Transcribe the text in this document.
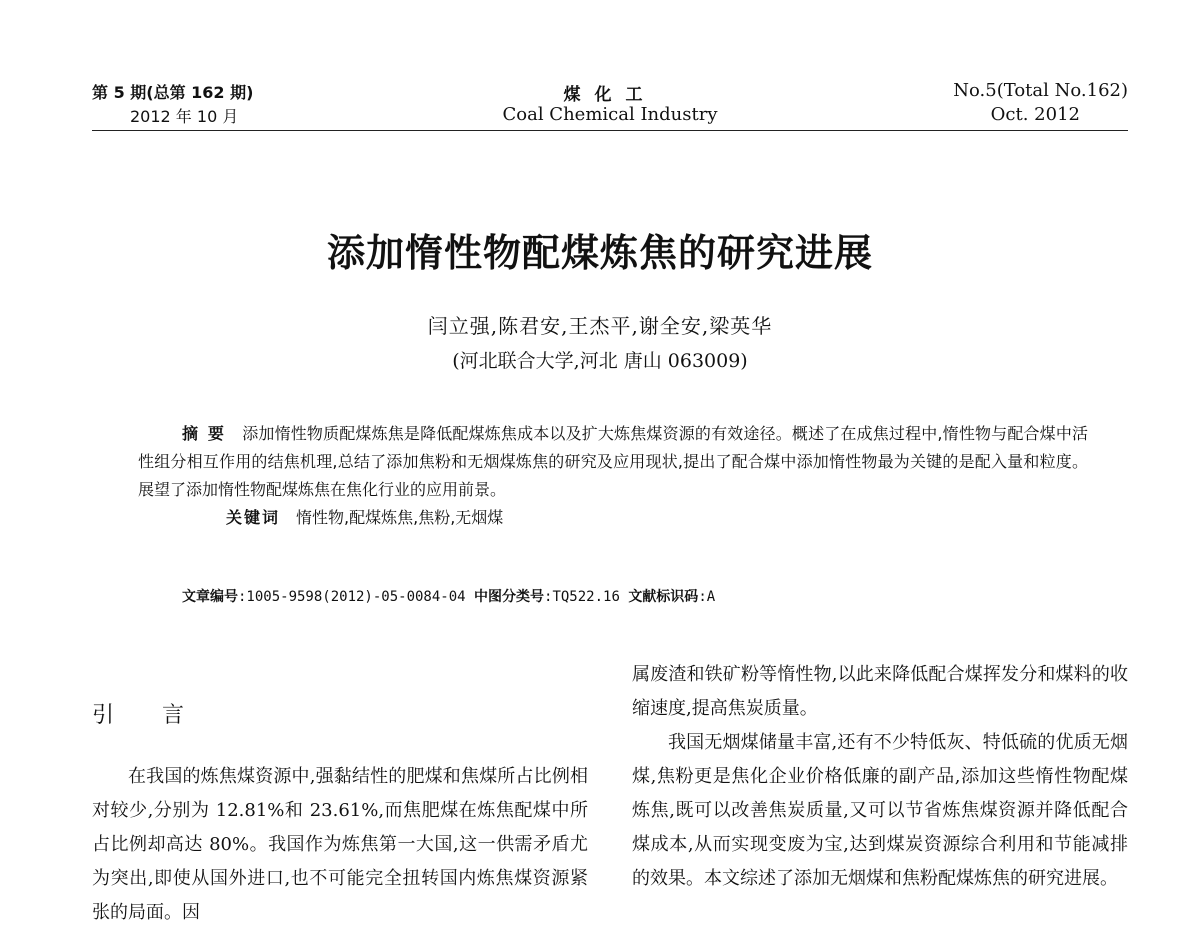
第 5 期(总第 162 期)
2012 年 10 月
煤化工
Coal Chemical Industry
No.5(Total No.162)
Oct. 2012
添加惰性物配煤炼焦的研究进展
闫立强,陈君安,王杰平,谢全安,梁英华
(河北联合大学,河北 唐山 063009)

摘 要  添加惰性物质配煤炼焦是降低配煤炼焦成本以及扩大炼焦煤资源的有效途径。概述了在成焦过程中,惰性物与配合煤中活性组分相互作用的结焦机理,总结了添加焦粉和无烟煤炼焦的研究及应用现状,提出了配合煤中添加惰性物最为关键的是配入量和粒度。展望了添加惰性物配煤炼焦在焦化行业的应用前景。

关键词  惰性物,配煤炼焦,焦粉,无烟煤

文章编号:1005-9598(2012)-05-0084-04  中图分类号:TQ522.16  文献标识码:A
引言

在我国的炼焦煤资源中,强黏结性的肥煤和焦煤所占比例相对较少,分别为 12.81%和 23.61%,而焦肥煤在炼焦配煤中所占比例却高达 80%。我国作为炼焦第一大国,这一供需矛盾尤为突出,即使从国外进口,也不可能完全扭转国内炼焦煤资源紧张的局面。因

属废渣和铁矿粉等惰性物,以此来降低配合煤挥发分和煤料的收缩速度,提高焦炭质量。

我国无烟煤储量丰富,还有不少特低灰、特低硫的优质无烟煤,焦粉更是焦化企业价格低廉的副产品,添加这些惰性物配煤炼焦,既可以改善焦炭质量,又可以节省炼焦煤资源并降低配合煤成本,从而实现变废为宝,达到煤炭资源综合利用和节能减排的效果。本文综述了添加无烟煤和焦粉配煤炼焦的研究进展。
